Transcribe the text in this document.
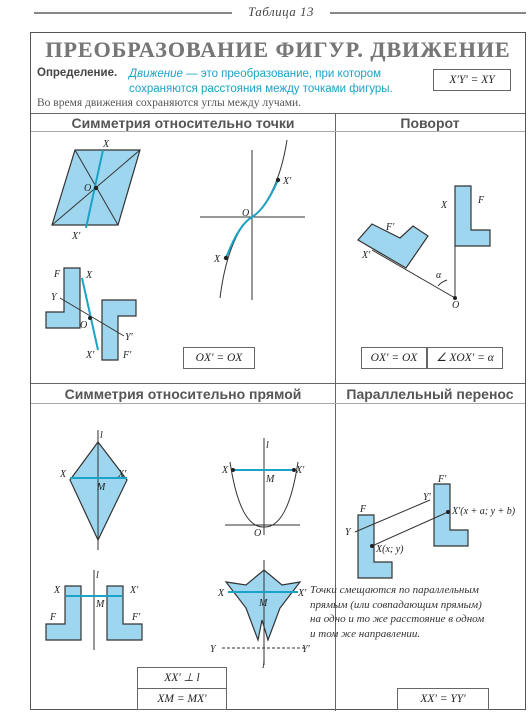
Таблица 13
ПРЕОБРАЗОВАНИЕ ФИГУР. ДВИЖЕНИЕ
Определение. Движение — это преобразование, при котором сохраняются расстояния между точками фигуры.
X'Y' = XY
Во время движения сохраняются углы между лучами.
Симметрия относительно точки	Поворот
Симметрия относительно прямой	Параллельный перенос
OX' = OX	OX' = OX	∠ XOX' = α
XX' ⊥ l
XM = MX'	XX' = YY'
Точки смещаются по параллельным прямым (или совпадающим прямым) на одно и то же расстояние в одном и том же направлении.
X
O
X'
O
X
X'
F	X
Y
O
Y'
X'	F'
X	F
F'
X'
α
O
l
X	X'
M
l
X	X'
M
O
l
X	X'
M
F	F'
X	X'
M
Y	Y'
l
F
Y
Y'
F'
X(x; y)
X'(x + a; y + b)
